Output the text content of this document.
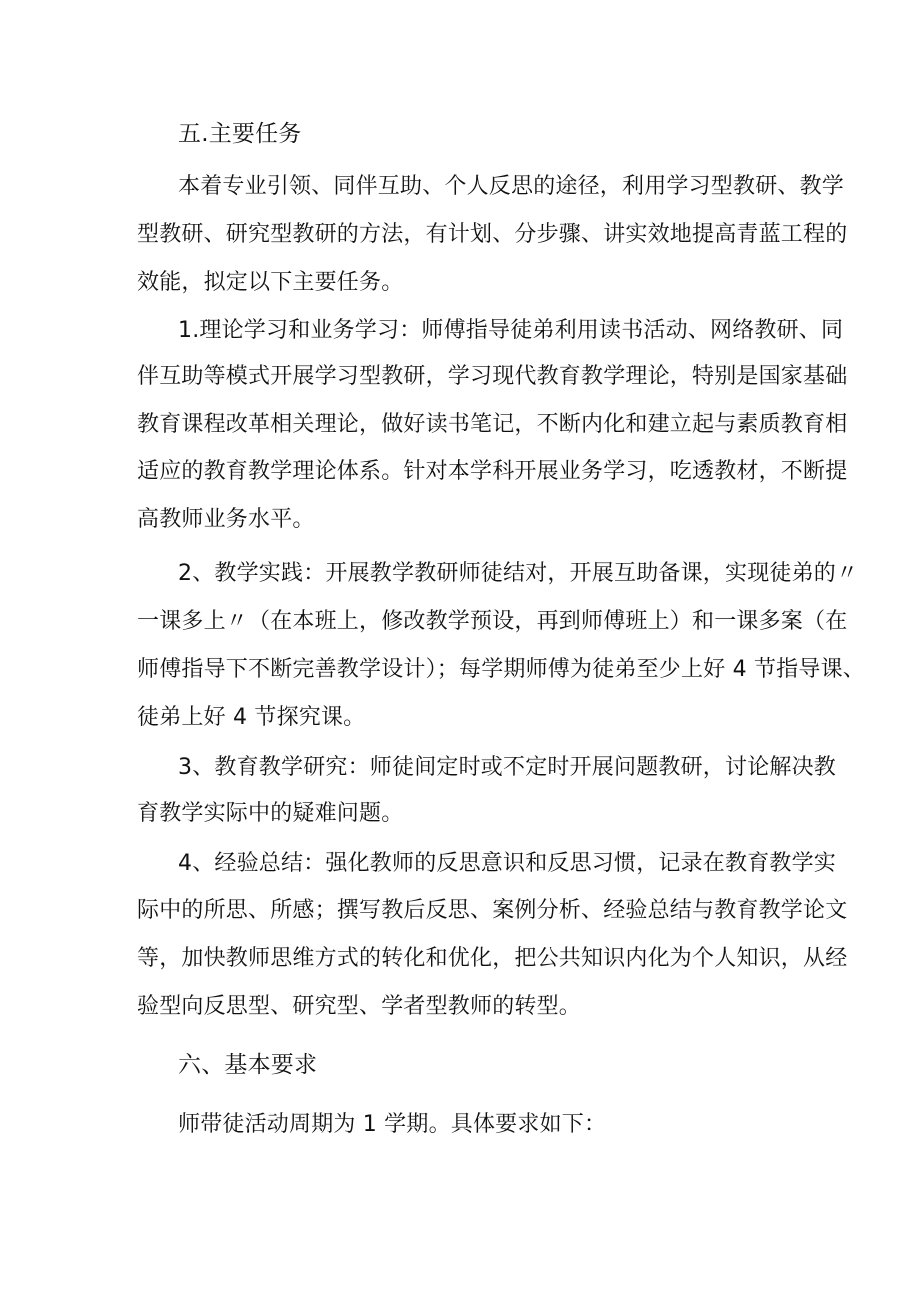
五.主要任务
本着专业引领、同伴互助、个人反思的途径，利用学习型教研、教学
型教研、研究型教研的方法，有计划、分步骤、讲实效地提高青蓝工程的
效能，拟定以下主要任务。
1.理论学习和业务学习：师傅指导徒弟利用读书活动、网络教研、同
伴互助等模式开展学习型教研，学习现代教育教学理论，特别是国家基础
教育课程改革相关理论，做好读书笔记，不断内化和建立起与素质教育相
适应的教育教学理论体系。针对本学科开展业务学习，吃透教材，不断提
高教师业务水平。
2、教学实践：开展教学教研师徒结对，开展互助备课，实现徒弟的〃
一课多上〃（在本班上，修改教学预设，再到师傅班上）和一课多案（在
师傅指导下不断完善教学设计）；每学期师傅为徒弟至少上好 4 节指导课、
徒弟上好 4 节探究课。
3、教育教学研究：师徒间定时或不定时开展问题教研，讨论解决教
育教学实际中的疑难问题。
4、经验总结：强化教师的反思意识和反思习惯，记录在教育教学实
际中的所思、所感；撰写教后反思、案例分析、经验总结与教育教学论文
等，加快教师思维方式的转化和优化，把公共知识内化为个人知识，从经
验型向反思型、研究型、学者型教师的转型。
六、基本要求
师带徒活动周期为 1 学期。具体要求如下：
